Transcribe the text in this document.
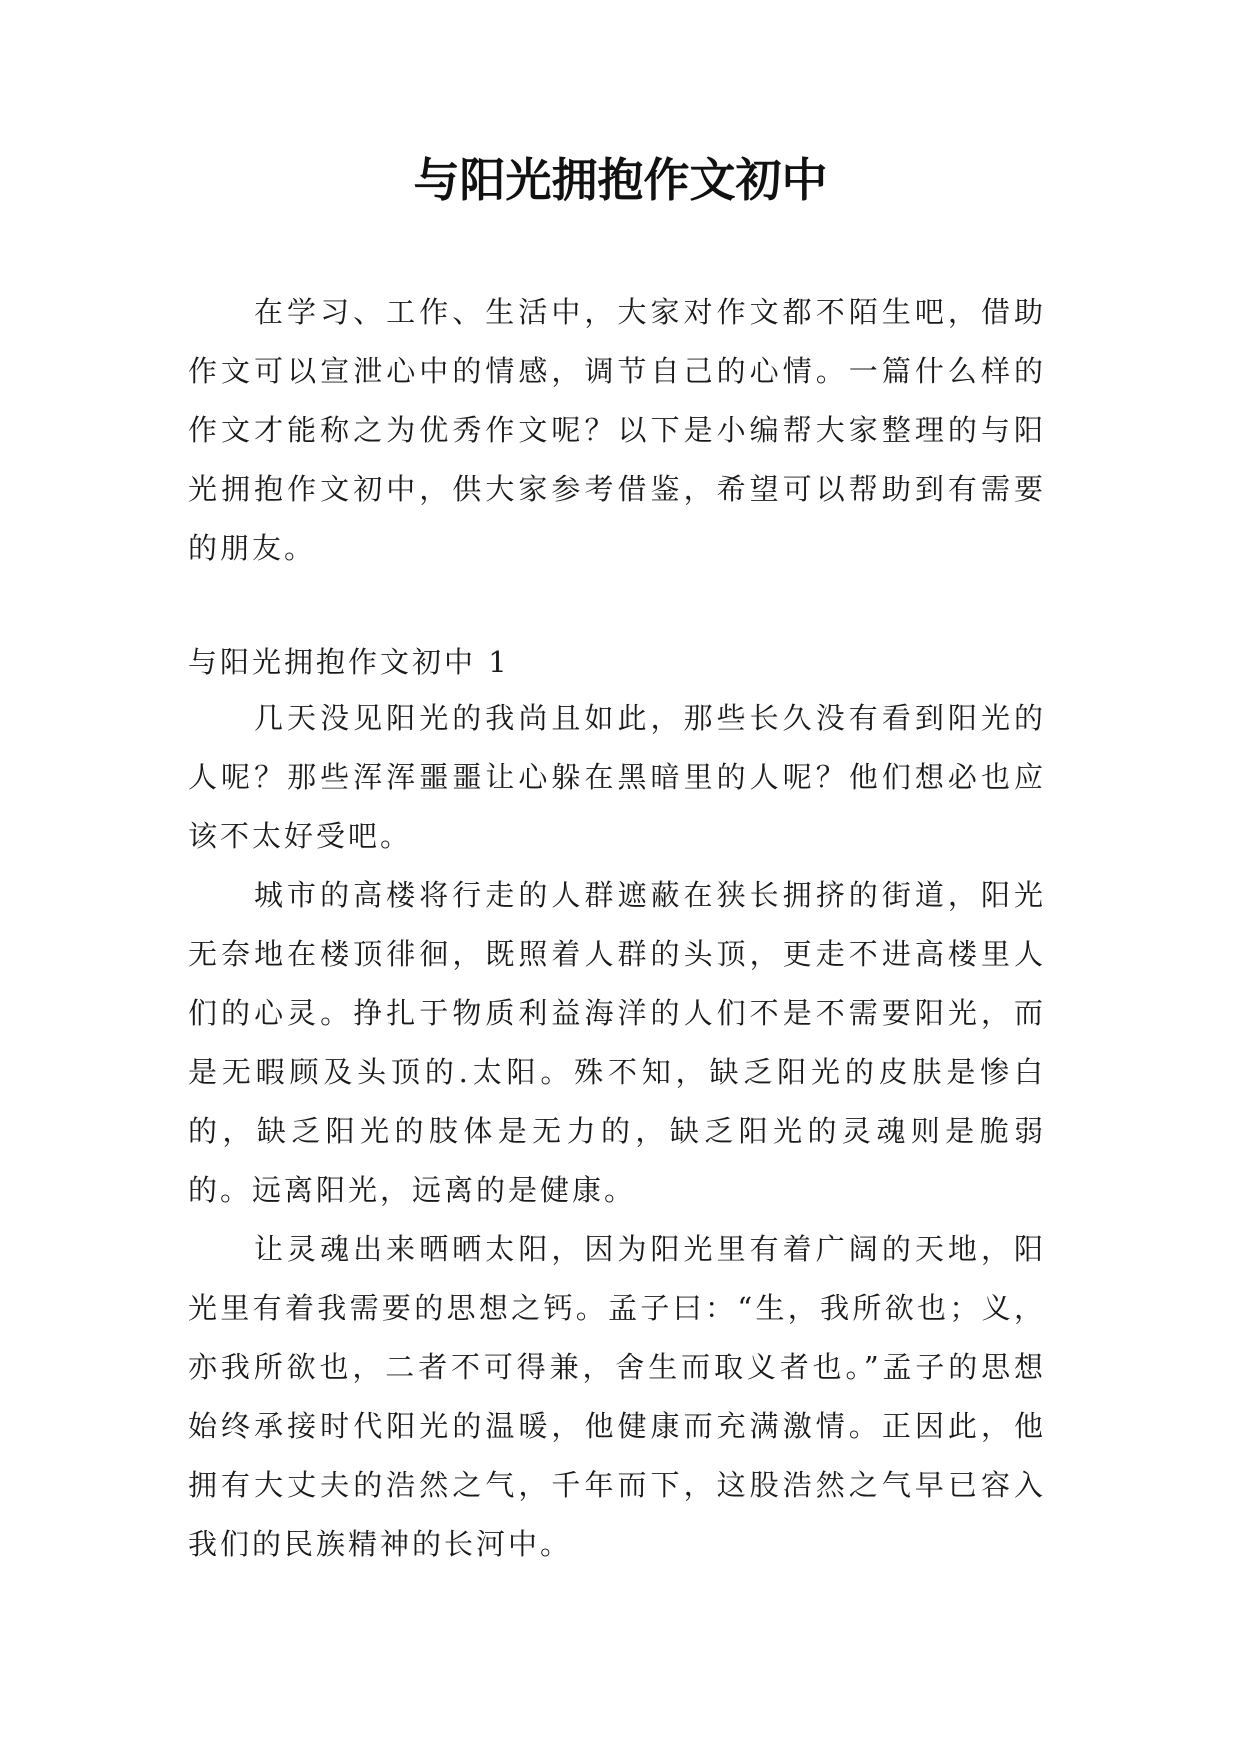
与阳光拥抱作文初中

在学习、工作、生活中，大家对作文都不陌生吧，借助作文可以宣泄心中的情感，调节自己的心情。一篇什么样的作文才能称之为优秀作文呢？以下是小编帮大家整理的与阳光拥抱作文初中，供大家参考借鉴，希望可以帮助到有需要的朋友。

与阳光拥抱作文初中 1

几天没见阳光的我尚且如此，那些长久没有看到阳光的人呢？那些浑浑噩噩让心躲在黑暗里的人呢？他们想必也应该不太好受吧。

城市的高楼将行走的人群遮蔽在狭长拥挤的街道，阳光无奈地在楼顶徘徊，既照着人群的头顶，更走不进高楼里人们的心灵。挣扎于物质利益海洋的人们不是不需要阳光，而是无暇顾及头顶的.太阳。殊不知，缺乏阳光的皮肤是惨白的，缺乏阳光的肢体是无力的，缺乏阳光的灵魂则是脆弱的。远离阳光，远离的是健康。

让灵魂出来晒晒太阳，因为阳光里有着广阔的天地，阳光里有着我需要的思想之钙。孟子曰：“生，我所欲也；义，亦我所欲也，二者不可得兼，舍生而取义者也。”孟子的思想始终承接时代阳光的温暖，他健康而充满激情。正因此，他拥有大丈夫的浩然之气，千年而下，这股浩然之气早已容入我们的民族精神的长河中。
